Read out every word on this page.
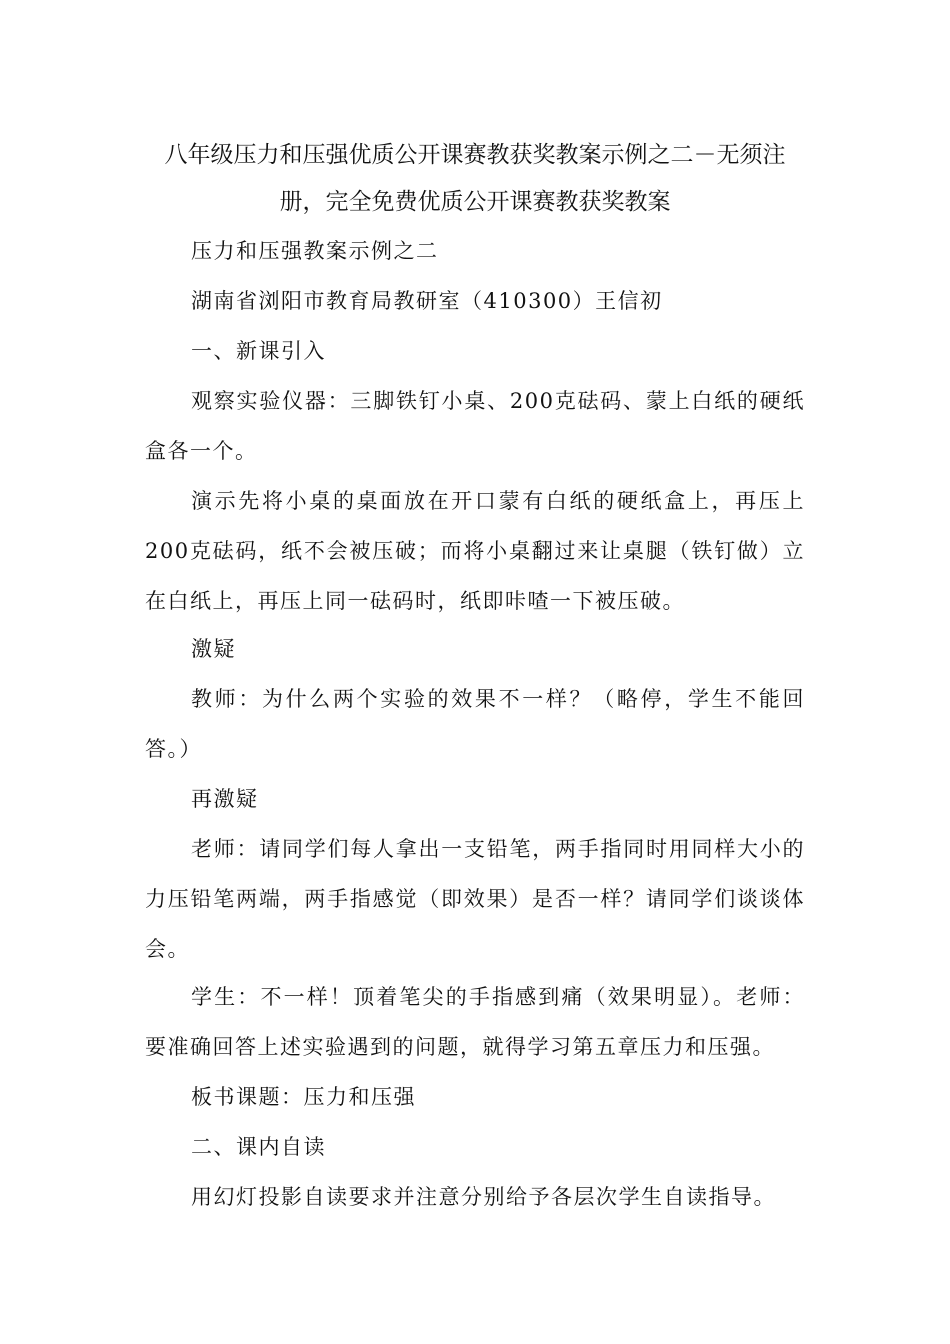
八年级压力和压强优质公开课赛教获奖教案示例之二－无须注
册，完全免费优质公开课赛教获奖教案

压力和压强教案示例之二

湖南省浏阳市教育局教研室（410300）王信初

一、新课引入

观察实验仪器：三脚铁钉小桌、200克砝码、蒙上白纸的硬纸盒各一个。

演示先将小桌的桌面放在开口蒙有白纸的硬纸盒上，再压上200克砝码，纸不会被压破；而将小桌翻过来让桌腿（铁钉做）立在白纸上，再压上同一砝码时，纸即咔喳一下被压破。

激疑

教师：为什么两个实验的效果不一样？（略停，学生不能回答。）

再激疑

老师：请同学们每人拿出一支铅笔，两手指同时用同样大小的力压铅笔两端，两手指感觉（即效果）是否一样？请同学们谈谈体会。

学生：不一样！顶着笔尖的手指感到痛（效果明显）。老师：要准确回答上述实验遇到的问题，就得学习第五章压力和压强。

板书课题：压力和压强

二、课内自读

用幻灯投影自读要求并注意分别给予各层次学生自读指导。
